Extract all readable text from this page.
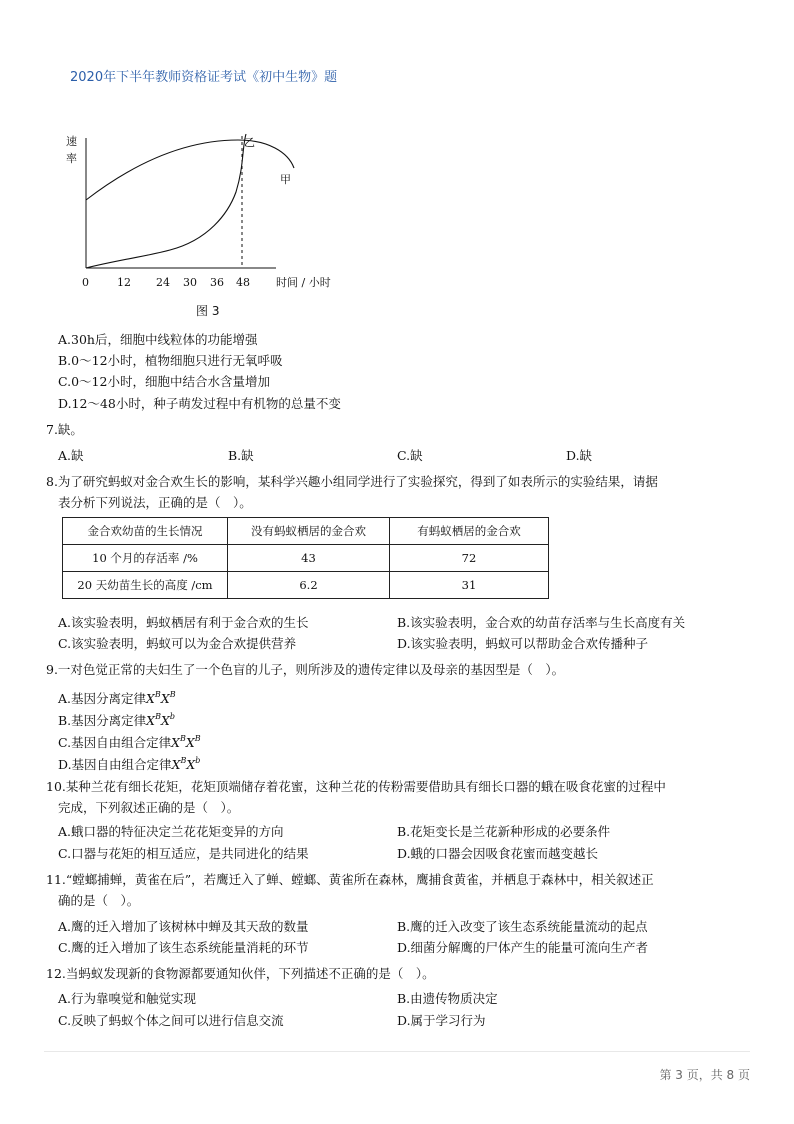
2020年下半年教师资格证考试《初中生物》题
速
率
乙
甲
0	12 24 30 36 48 时间 / 小时
图 3
A.30h后，细胞中线粒体的功能增强
B.0～12小时，植物细胞只进行无氧呼吸
C.0～12小时，细胞中结合水含量增加
D.12～48小时，种子萌发过程中有机物的总量不变
7.缺。
A.缺	B.缺	C.缺	D.缺
8.为了研究蚂蚁对金合欢生长的影响，某科学兴趣小组同学进行了实验探究，得到了如表所示的实验结果，请据
表分析下列说法，正确的是（　）。
金合欢幼苗的生长情况	没有蚂蚁栖居的金合欢	有蚂蚁栖居的金合欢
10 个月的存活率 /%	43	72
20 天幼苗生长的高度 /cm	6.2	31
A.该实验表明，蚂蚁栖居有利于金合欢的生长	B.该实验表明，金合欢的幼苗存活率与生长高度有关
C.该实验表明，蚂蚁可以为金合欢提供营养	D.该实验表明，蚂蚁可以帮助金合欢传播种子
9.一对色觉正常的夫妇生了一个色盲的儿子，则所涉及的遗传定律以及母亲的基因型是（　）。
A.基因分离定律$X^BX^B$
B.基因分离定律$X^BX^b$
C.基因自由组合定律$X^BX^B$
D.基因自由组合定律$X^BX^b$
10.某种兰花有细长花矩，花矩顶端储存着花蜜，这种兰花的传粉需要借助具有细长口器的蛾在吸食花蜜的过程中
完成，下列叙述正确的是（　）。
A.蛾口器的特征决定兰花花矩变异的方向	B.花矩变长是兰花新种形成的必要条件
C.口器与花矩的相互适应，是共同进化的结果	D.蛾的口器会因吸食花蜜而越变越长
11.“螳螂捕蝉，黄雀在后”，若鹰迁入了蝉、螳螂、黄雀所在森林，鹰捕食黄雀，并栖息于森林中，相关叙述正
确的是（　）。
A.鹰的迁入增加了该树林中蝉及其天敌的数量	B.鹰的迁入改变了该生态系统能量流动的起点
C.鹰的迁入增加了该生态系统能量消耗的环节	D.细菌分解鹰的尸体产生的能量可流向生产者
12.当蚂蚁发现新的食物源都要通知伙伴，下列描述不正确的是（　）。
A.行为靠嗅觉和触觉实现	B.由遗传物质决定
C.反映了蚂蚁个体之间可以进行信息交流	D.属于学习行为
第 3 页，共 8 页
